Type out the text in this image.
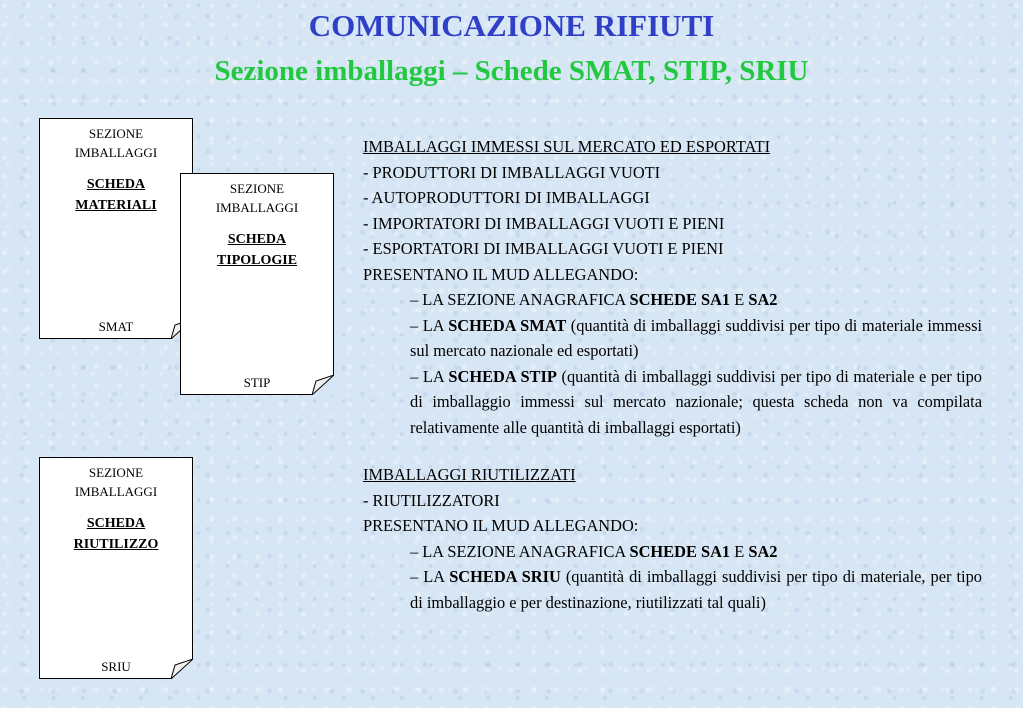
COMUNICAZIONE RIFIUTI
Sezione imballaggi – Schede SMAT, STIP, SRIU
SEZIONE
IMBALLAGGI
SCHEDA
MATERIALI
SMAT
SEZIONE
IMBALLAGGI
SCHEDA
TIPOLOGIE
STIP
SEZIONE
IMBALLAGGI
SCHEDA
RIUTILIZZO
SRIU

IMBALLAGGI IMMESSI SUL MERCATO ED ESPORTATI

- PRODUTTORI DI IMBALLAGGI VUOTI

- AUTOPRODUTTORI DI IMBALLAGGI

- IMPORTATORI DI IMBALLAGGI VUOTI E PIENI

- ESPORTATORI DI IMBALLAGGI VUOTI E PIENI

PRESENTANO IL MUD ALLEGANDO:

– LA SEZIONE ANAGRAFICA SCHEDE SA1 E SA2

– LA SCHEDA SMAT (quantità di imballaggi suddivisi per tipo di materiale immessi sul mercato nazionale ed esportati)

– LA SCHEDA STIP (quantità di imballaggi suddivisi per tipo di materiale e per tipo di imballaggio immessi sul mercato nazionale; questa scheda non va compilata relativamente alle quantità di imballaggi esportati)

IMBALLAGGI RIUTILIZZATI

- RIUTILIZZATORI

PRESENTANO IL MUD ALLEGANDO:

– LA SEZIONE ANAGRAFICA SCHEDE SA1 E SA2

– LA SCHEDA SRIU (quantità di imballaggi suddivisi per tipo di materiale, per tipo di imballaggio e per destinazione, riutilizzati tal quali)
